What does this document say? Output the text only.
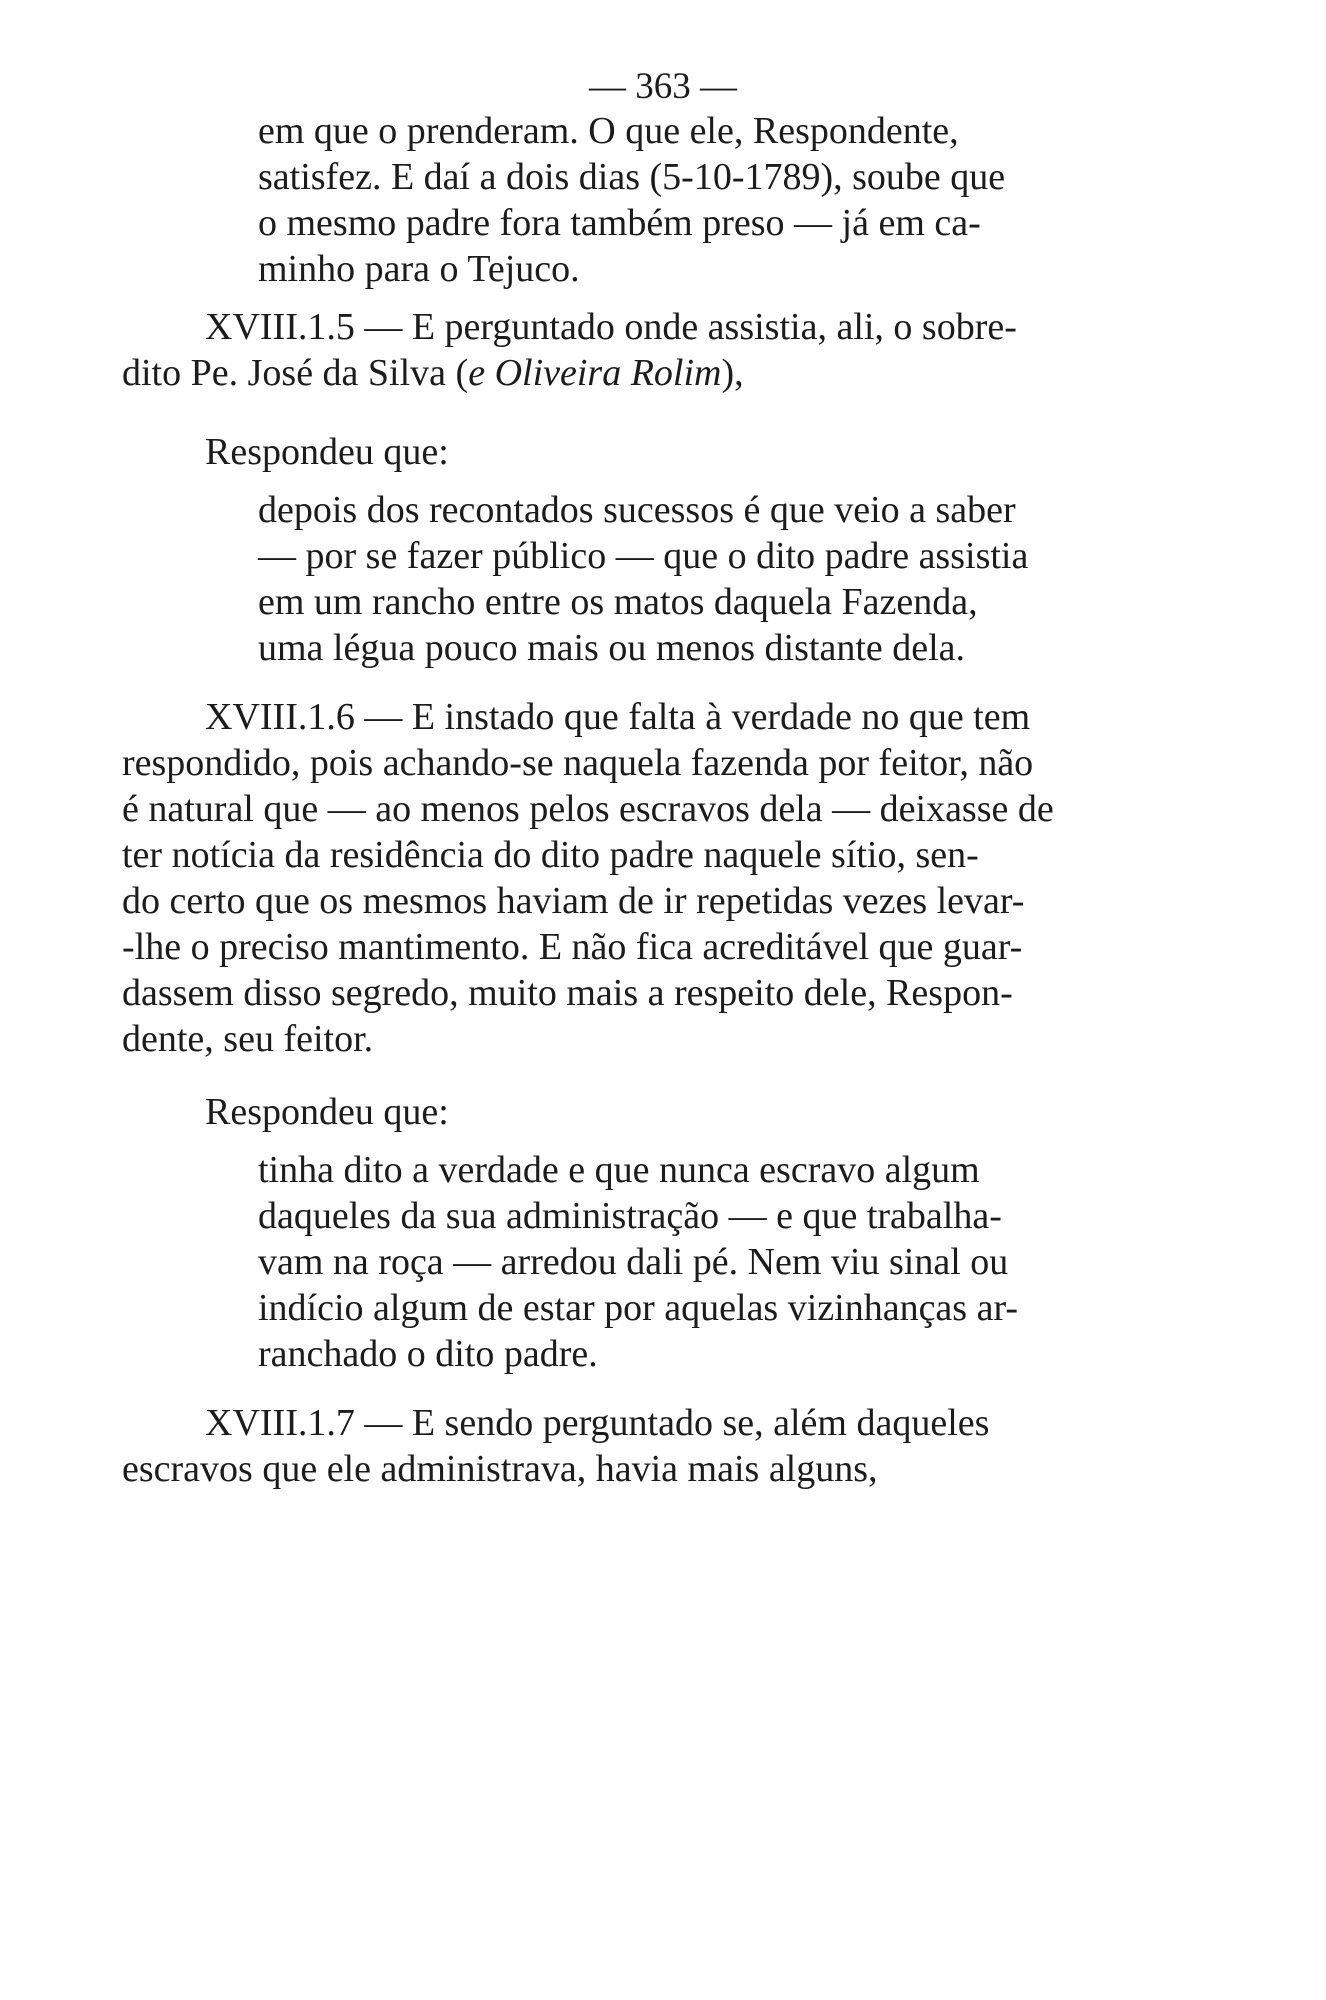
— 363 —

em que o prenderam. O que ele, Respondente,

satisfez. E daí a dois dias (5-10-1789), soube que

o mesmo padre fora também preso — já em ca-

minho para o Tejuco.

XVIII.1.5 — E perguntado onde assistia, ali, o sobre-

dito Pe. José da Silva (e Oliveira Rolim),

Respondeu que:

depois dos recontados sucessos é que veio a saber

— por se fazer público — que o dito padre assistia

em um rancho entre os matos daquela Fazenda,

uma légua pouco mais ou menos distante dela.

XVIII.1.6 — E instado que falta à verdade no que tem

respondido, pois achando-se naquela fazenda por feitor, não

é natural que — ao menos pelos escravos dela — deixasse de

ter notícia da residência do dito padre naquele sítio, sen-

do certo que os mesmos haviam de ir repetidas vezes levar-

-lhe o preciso mantimento. E não fica acreditável que guar-

dassem disso segredo, muito mais a respeito dele, Respon-

dente, seu feitor.

Respondeu que:

tinha dito a verdade e que nunca escravo algum

daqueles da sua administração — e que trabalha-

vam na roça — arredou dali pé. Nem viu sinal ou

indício algum de estar por aquelas vizinhanças ar-

ranchado o dito padre.

XVIII.1.7 — E sendo perguntado se, além daqueles

escravos que ele administrava, havia mais alguns,
